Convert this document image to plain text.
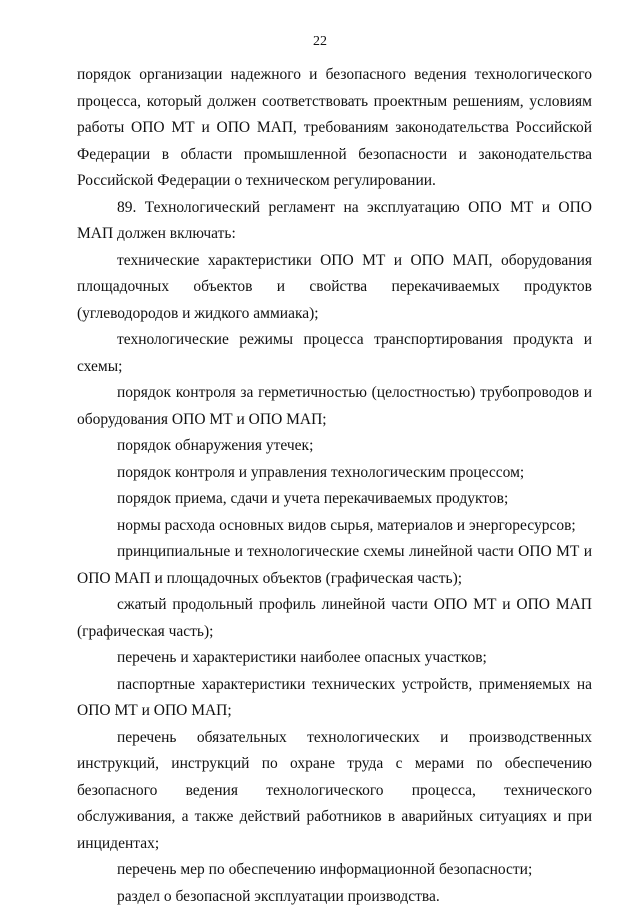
22

порядок организации надежного и безопасного ведения технологического процесса, который должен соответствовать проектным решениям, условиям работы ОПО МТ и ОПО МАП, требованиям законодательства Российской Федерации в области промышленной безопасности и законодательства Российской Федерации о техническом регулировании.

89. Технологический регламент на эксплуатацию ОПО МТ и ОПО МАП должен включать:

технические характеристики ОПО МТ и ОПО МАП, оборудования площадочных объектов и свойства перекачиваемых продуктов (углеводородов и жидкого аммиака);

технологические режимы процесса транспортирования продукта и схемы;

порядок контроля за герметичностью (целостностью) трубопроводов и оборудования ОПО МТ и ОПО МАП;

порядок обнаружения утечек;

порядок контроля и управления технологическим процессом;

порядок приема, сдачи и учета перекачиваемых продуктов;

нормы расхода основных видов сырья, материалов и энергоресурсов;

принципиальные и технологические схемы линейной части ОПО МТ и ОПО МАП и площадочных объектов (графическая часть);

сжатый продольный профиль линейной части ОПО МТ и ОПО МАП (графическая часть);

перечень и характеристики наиболее опасных участков;

паспортные характеристики технических устройств, применяемых на ОПО МТ и ОПО МАП;

перечень обязательных технологических и производственных инструкций, инструкций по охране труда с мерами по обеспечению безопасного ведения технологического процесса, технического обслуживания, а также действий работников в аварийных ситуациях и при инцидентах;

перечень мер по обеспечению информационной безопасности;

раздел о безопасной эксплуатации производства.
